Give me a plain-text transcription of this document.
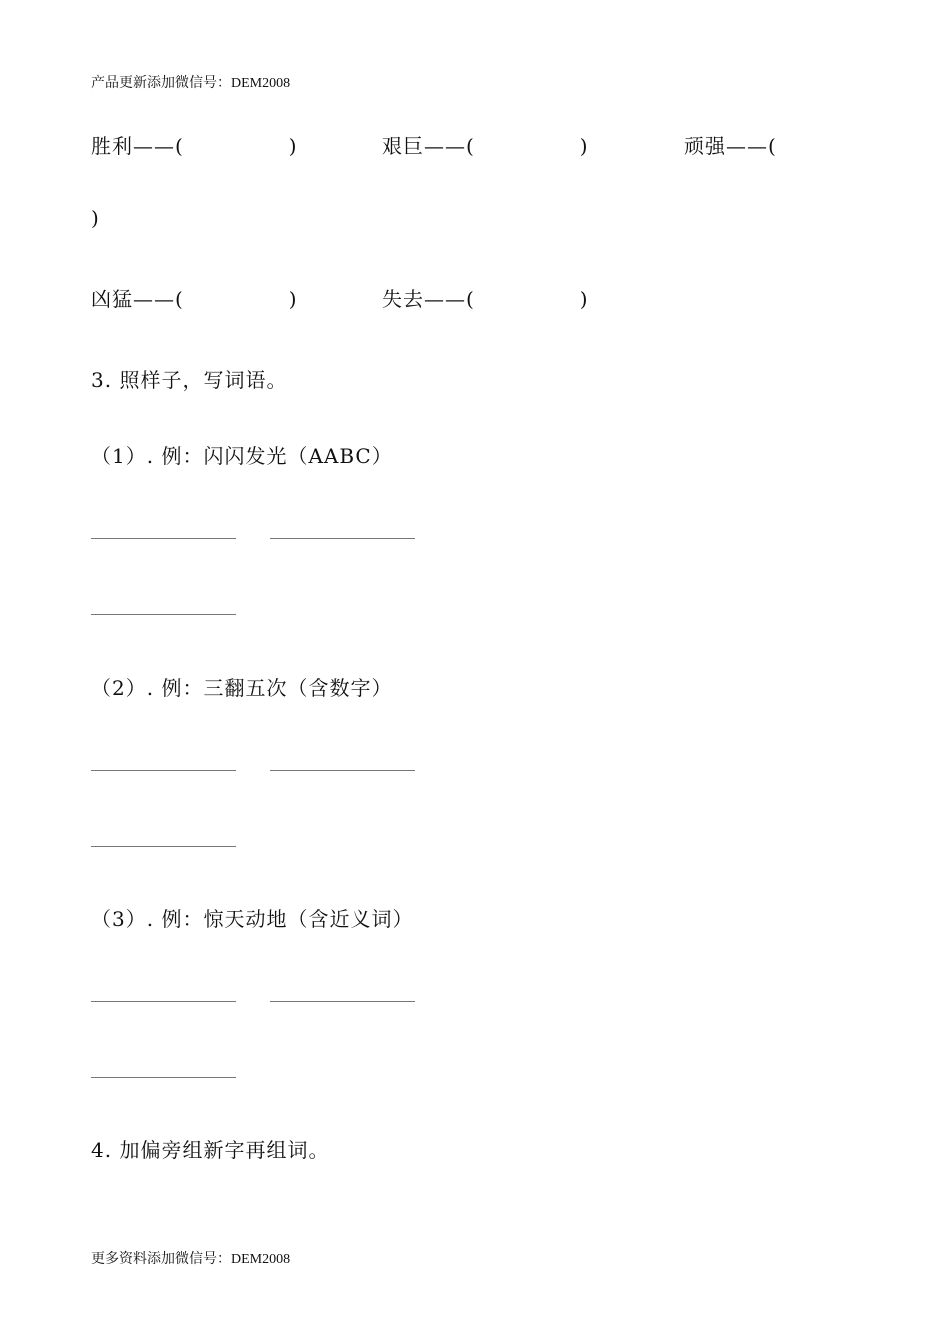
产品更新添加微信号：DEM2008
胜利——(　　　　　)	艰巨——(　　　　　)	顽强——(
)
凶猛——(　　　　　)	失去——(　　　　　)
3. 照样子，写词语。
（1）. 例：闪闪发光（AABC）
（2）. 例：三翻五次（含数字）
（3）. 例：惊天动地（含近义词）
4. 加偏旁组新字再组词。
更多资料添加微信号：DEM2008
